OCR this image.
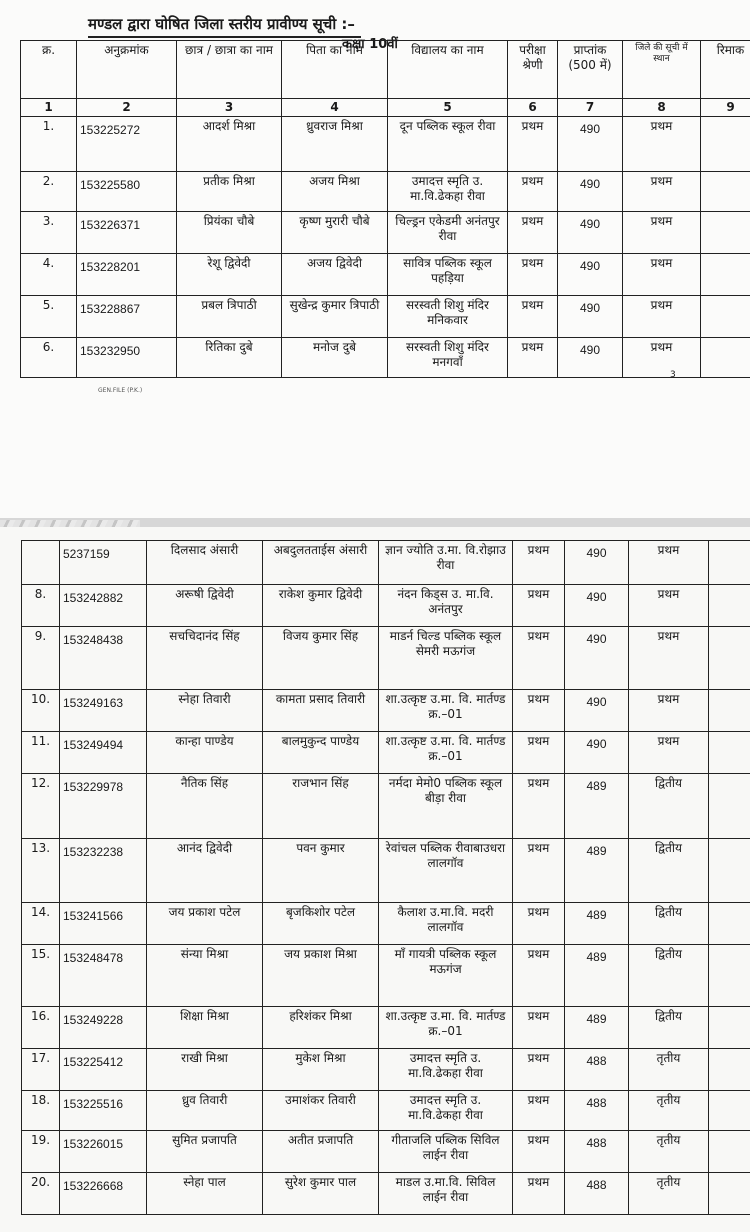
मण्डल द्वारा घोषित जिला स्तरीय प्रावीण्य सूची :–
कक्षा 10वीं
क्र.	अनुक्रमांक	छात्र / छात्रा का नाम	पिता का नाम	विद्यालय का नाम	परीक्षा श्रेणी	प्राप्तांक (500 में)	जिले की सूची में स्थान	रिमाक
1	2	3	4	5	6	7	8	9
1.	153225272	आदर्श मिश्रा	ध्रुवराज मिश्रा	दून पब्लिक स्कूल रीवा	प्रथम	490	प्रथम	
2.	153225580	प्रतीक मिश्रा	अजय मिश्रा	उमादत्त स्मृति उ. मा.वि.ढेकहा रीवा	प्रथम	490	प्रथम	
3.	153226371	प्रियंका चौबे	कृष्ण मुरारी चौबे	चिल्ड्रन एकेडमी अनंतपुर रीवा	प्रथम	490	प्रथम	
4.	153228201	रेशू द्विवेदी	अजय द्विवेदी	सावित्र पब्लिक स्कूल पहड़िया	प्रथम	490	प्रथम	
5.	153228867	प्रबल त्रिपाठी	सुखेन्द्र कुमार त्रिपाठी	सरस्वती शिशु मंदिर मनिकवार	प्रथम	490	प्रथम	
6.	153232950	रितिका दुबे	मनोज दुबे	सरस्वती शिशु मंदिर मनगवाँ	प्रथम	490	प्रथम	
GEN.FILE (P.K.)
3
	5237159	दिलसाद अंसारी	अबदुलतताईस अंसारी	ज्ञान ज्योति उ.मा. वि.रोझाउ रीवा	प्रथम	490	प्रथम	
8.	153242882	अरूषी द्विवेदी	राकेश कुमार द्विवेदी	नंदन किड्स उ. मा.वि. अनंतपुर	प्रथम	490	प्रथम	
9.	153248438	सचचिदानंद सिंह	विजय कुमार सिंह	माडर्न चिल्ड पब्लिक स्कूल सेमरी मऊगंज	प्रथम	490	प्रथम	
10.	153249163	स्नेहा तिवारी	कामता प्रसाद तिवारी	शा.उत्कृष्ट उ.मा. वि. मार्तण्ड क्र.–01	प्रथम	490	प्रथम	
11.	153249494	कान्हा पाण्डेय	बालमुकुन्द पाण्डेय	शा.उत्कृष्ट उ.मा. वि. मार्तण्ड क्र.–01	प्रथम	490	प्रथम	
12.	153229978	नैतिक सिंह	राजभान सिंह	नर्मदा मेमो0 पब्लिक स्कूल बीड़ा रीवा	प्रथम	489	द्वितीय	
13.	153232238	आनंद द्विवेदी	पवन कुमार	रेवांचल पब्लिक रीवाबाउधरा लालगॉव	प्रथम	489	द्वितीय	
14.	153241566	जय प्रकाश पटेल	बृजकिशोर पटेल	कैलाश उ.मा.वि. मदरी लालगॉव	प्रथम	489	द्वितीय	
15.	153248478	संन्या मिश्रा	जय प्रकाश मिश्रा	माँ गायत्री पब्लिक स्कूल मऊगंज	प्रथम	489	द्वितीय	
16.	153249228	शिक्षा मिश्रा	हरिशंकर मिश्रा	शा.उत्कृष्ट उ.मा. वि. मार्तण्ड क्र.–01	प्रथम	489	द्वितीय	
17.	153225412	राखी मिश्रा	मुकेश मिश्रा	उमादत्त स्मृति उ. मा.वि.ढेकहा रीवा	प्रथम	488	तृतीय	
18.	153225516	ध्रुव तिवारी	उमाशंकर तिवारी	उमादत्त स्मृति उ. मा.वि.ढेकहा रीवा	प्रथम	488	तृतीय	
19.	153226015	सुमित प्रजापति	अतीत प्रजापति	गीताजलि पब्लिक सिविल लाईन रीवा	प्रथम	488	तृतीय	
20.	153226668	स्नेहा पाल	सुरेश कुमार पाल	माडल उ.मा.वि. सिविल लाईन रीवा	प्रथम	488	तृतीय	
